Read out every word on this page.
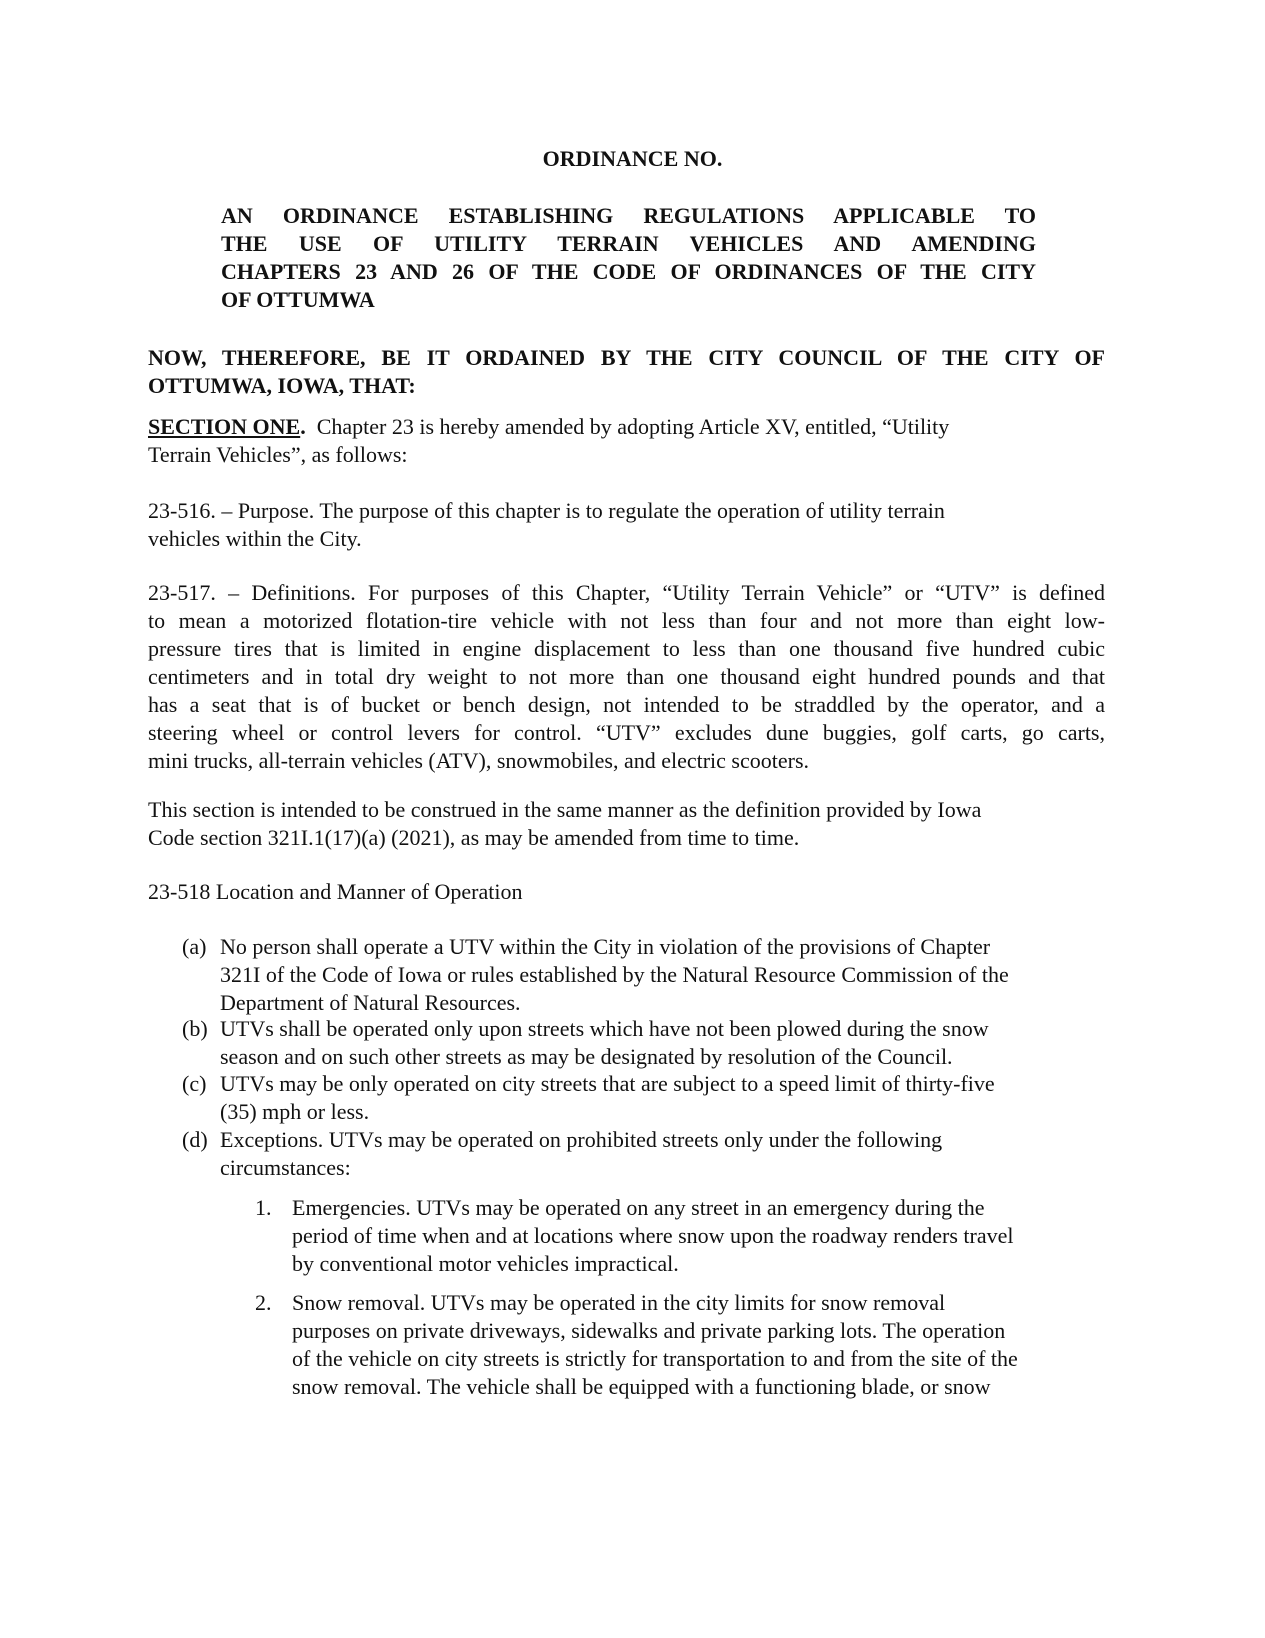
ORDINANCE NO.
AN ORDINANCE ESTABLISHING REGULATIONS APPLICABLE TO
THE USE OF UTILITY TERRAIN VEHICLES AND AMENDING
CHAPTERS 23 AND 26 OF THE CODE OF ORDINANCES OF THE CITY
OF OTTUMWA
NOW, THEREFORE, BE IT ORDAINED BY THE CITY COUNCIL OF THE CITY OF
OTTUMWA, IOWA, THAT:
SECTION ONE.  Chapter 23 is hereby amended by adopting Article XV, entitled, “Utility
Terrain Vehicles”, as follows:
23-516. – Purpose. The purpose of this chapter is to regulate the operation of utility terrain
vehicles within the City.
23-517. – Definitions. For purposes of this Chapter, “Utility Terrain Vehicle” or “UTV” is defined
to mean a motorized flotation-tire vehicle with not less than four and not more than eight low-
pressure tires that is limited in engine displacement to less than one thousand five hundred cubic
centimeters and in total dry weight to not more than one thousand eight hundred pounds and that
has a seat that is of bucket or bench design, not intended to be straddled by the operator, and a
steering wheel or control levers for control. “UTV” excludes dune buggies, golf carts, go carts,
mini trucks, all-terrain vehicles (ATV), snowmobiles, and electric scooters.
This section is intended to be construed in the same manner as the definition provided by Iowa
Code section 321I.1(17)(a) (2021), as may be amended from time to time.
23-518 Location and Manner of Operation
(a) No person shall operate a UTV within the City in violation of the provisions of Chapter
321I of the Code of Iowa or rules established by the Natural Resource Commission of the
Department of Natural Resources.
(b) UTVs shall be operated only upon streets which have not been plowed during the snow
season and on such other streets as may be designated by resolution of the Council.
(c) UTVs may be only operated on city streets that are subject to a speed limit of thirty-five
(35) mph or less.
(d) Exceptions. UTVs may be operated on prohibited streets only under the following
circumstances:
1. Emergencies. UTVs may be operated on any street in an emergency during the
period of time when and at locations where snow upon the roadway renders travel
by conventional motor vehicles impractical.
2. Snow removal. UTVs may be operated in the city limits for snow removal
purposes on private driveways, sidewalks and private parking lots. The operation
of the vehicle on city streets is strictly for transportation to and from the site of the
snow removal. The vehicle shall be equipped with a functioning blade, or snow
